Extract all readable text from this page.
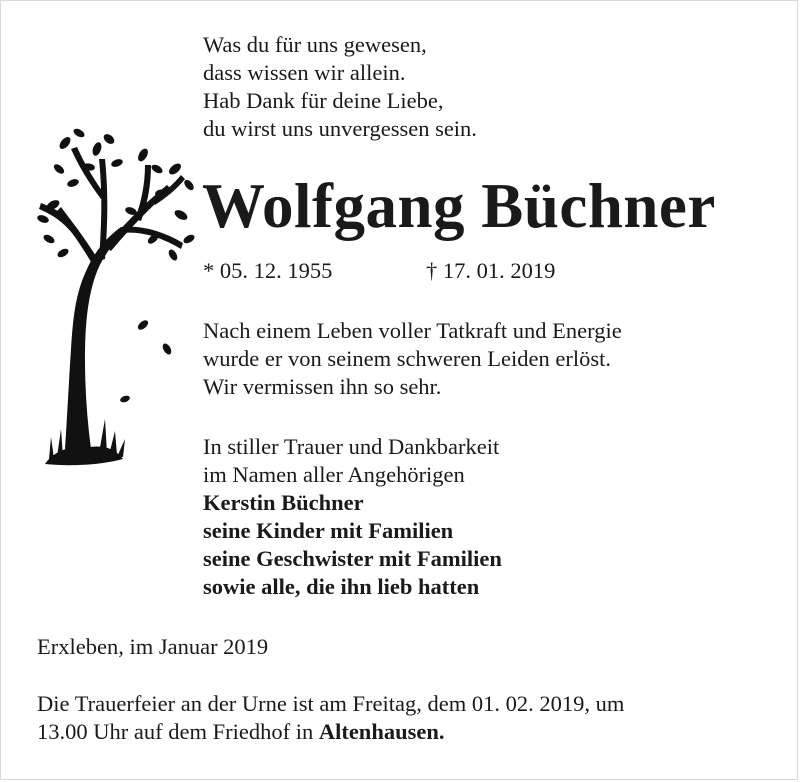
Was du für uns gewesen,
dass wissen wir allein.
Hab Dank für deine Liebe,
du wirst uns unvergessen sein.
Wolfgang Büchner
* 05. 12. 1955	† 17. 01. 2019
Nach einem Leben voller Tatkraft und Energie
wurde er von seinem schweren Leiden erlöst.
Wir vermissen ihn so sehr.
In stiller Trauer und Dankbarkeit
im Namen aller Angehörigen
Kerstin Büchner
seine Kinder mit Familien
seine Geschwister mit Familien
sowie alle, die ihn lieb hatten
Erxleben, im Januar 2019
Die Trauerfeier an der Urne ist am Freitag, dem 01. 02. 2019, um
13.00 Uhr auf dem Friedhof in Altenhausen.
